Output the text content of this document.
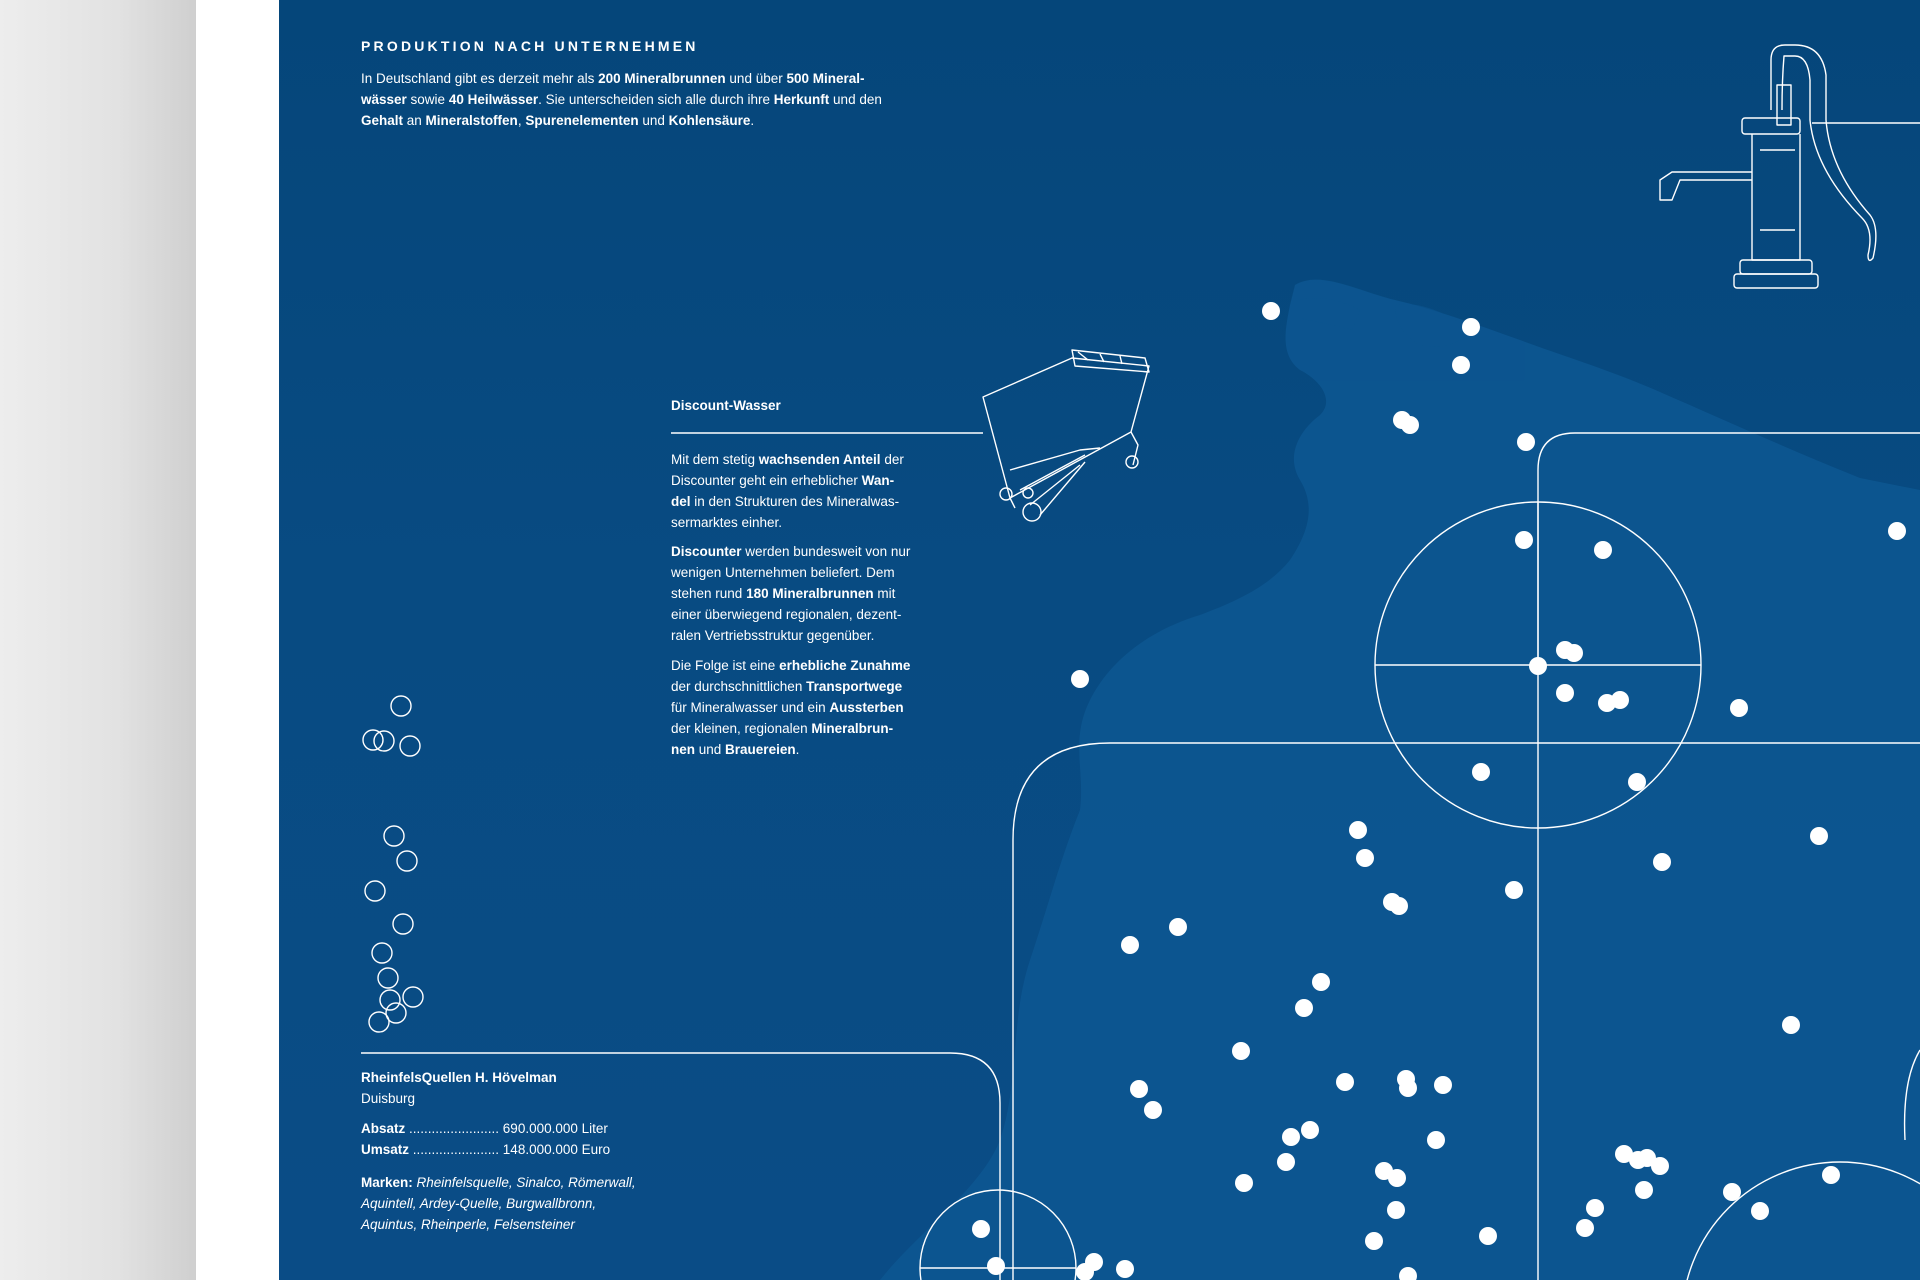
PRODUKTION NACH UNTERNEHMEN
In Deutschland gibt es derzeit mehr als 200 Mineralbrunnen und über 500 Mineral-
wässer sowie 40 Heilwässer. Sie unterscheiden sich alle durch ihre Herkunft und den
Gehalt an Mineralstoffen, Spurenelementen und Kohlensäure.
Discount-Wasser
Mit dem stetig wachsenden Anteil der
Discounter geht ein erheblicher Wan-
del in den Strukturen des Mineralwas-
sermarktes einher.
Discounter werden bundesweit von nur
wenigen Unternehmen beliefert. Dem
stehen rund 180 Mineralbrunnen mit
einer überwiegend regionalen, dezent-
ralen Vertriebsstruktur gegenüber.
Die Folge ist eine erhebliche Zunahme
der durchschnittlichen Transportwege
für Mineralwasser und ein Aussterben
der kleinen, regionalen Mineralbrun-
nen und Brauereien.
RheinfelsQuellen H. Hövelman
Duisburg
Absatz ........................ 690.000.000 Liter
Umsatz ....................... 148.000.000 Euro
Marken: Rheinfelsquelle, Sinalco, Römerwall, Aquintell, Ardey-Quelle, Burgwallbronn, Aquintus, Rheinperle, Felsensteiner
